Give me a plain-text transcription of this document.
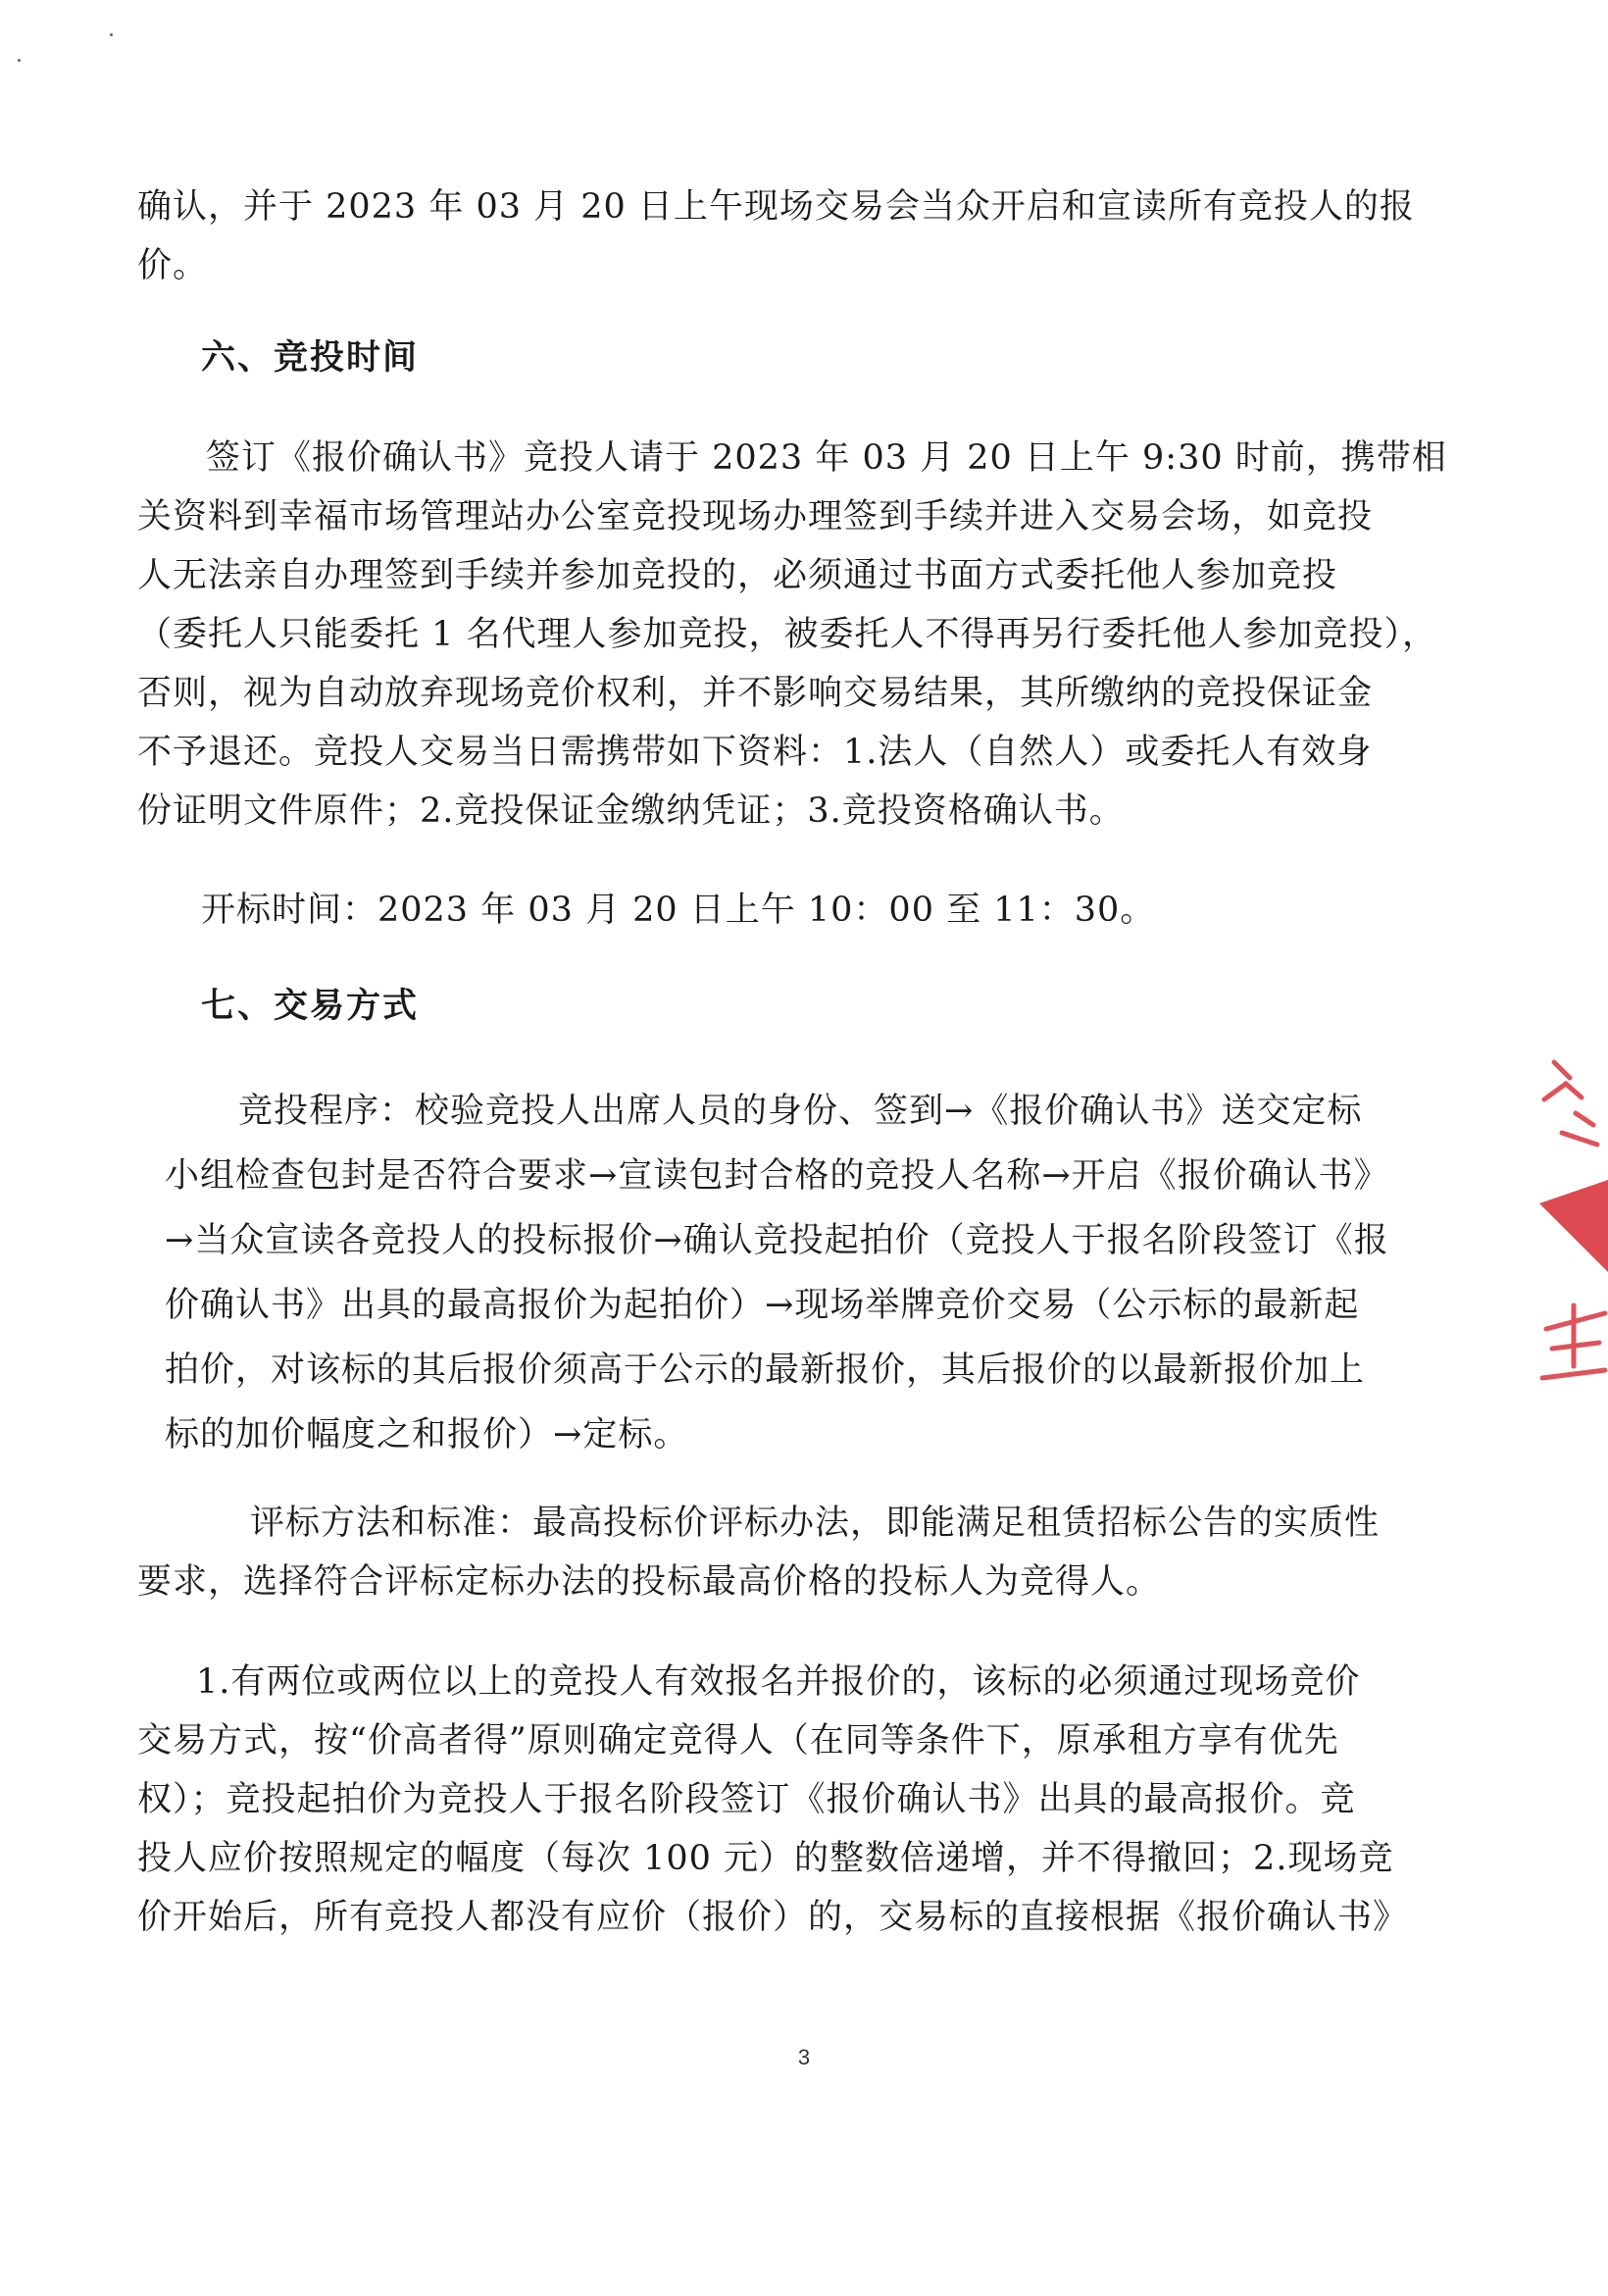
确认，并于 2023 年 03 月 20 日上午现场交易会当众开启和宣读所有竞投人的报
价。

六、竞投时间

签订《报价确认书》竞投人请于 2023 年 03 月 20 日上午 9:30 时前，携带相
关资料到幸福市场管理站办公室竞投现场办理签到手续并进入交易会场，如竞投
人无法亲自办理签到手续并参加竞投的，必须通过书面方式委托他人参加竞投
（委托人只能委托 1 名代理人参加竞投，被委托人不得再另行委托他人参加竞投），
否则，视为自动放弃现场竞价权利，并不影响交易结果，其所缴纳的竞投保证金
不予退还。竞投人交易当日需携带如下资料：1.法人（自然人）或委托人有效身
份证明文件原件；2.竞投保证金缴纳凭证；3.竞投资格确认书。

开标时间：2023 年 03 月 20 日上午 10：00 至 11：30。

七、交易方式

竞投程序：校验竞投人出席人员的身份、签到→《报价确认书》送交定标
小组检查包封是否符合要求→宣读包封合格的竞投人名称→开启《报价确认书》
→当众宣读各竞投人的投标报价→确认竞投起拍价（竞投人于报名阶段签订《报
价确认书》出具的最高报价为起拍价）→现场举牌竞价交易（公示标的最新起
拍价，对该标的其后报价须高于公示的最新报价，其后报价的以最新报价加上
标的加价幅度之和报价）→定标。

评标方法和标准：最高投标价评标办法，即能满足租赁招标公告的实质性
要求，选择符合评标定标办法的投标最高价格的投标人为竞得人。

1.有两位或两位以上的竞投人有效报名并报价的，该标的必须通过现场竞价
交易方式，按“价高者得”原则确定竞得人（在同等条件下，原承租方享有优先
权）；竞投起拍价为竞投人于报名阶段签订《报价确认书》出具的最高报价。竞
投人应价按照规定的幅度（每次 100 元）的整数倍递增，并不得撤回；2.现场竞
价开始后，所有竞投人都没有应价（报价）的，交易标的直接根据《报价确认书》

3
